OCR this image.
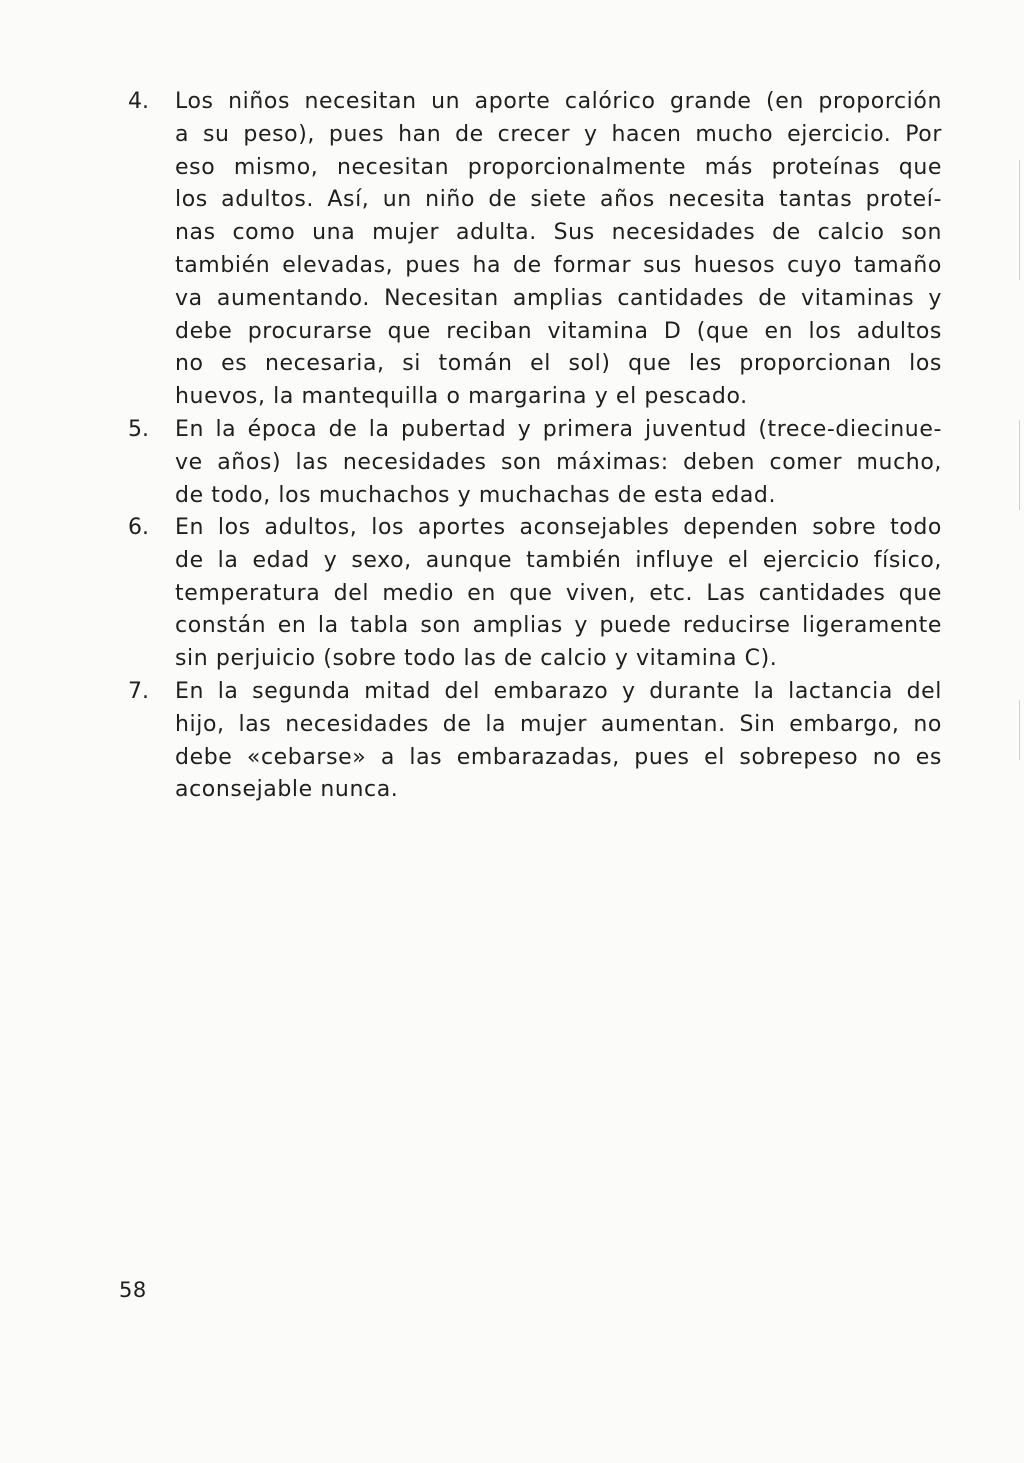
4. Los niños necesitan un aporte calórico grande (en proporción
a su peso), pues han de crecer y hacen mucho ejercicio. Por
eso mismo, necesitan proporcionalmente más proteínas que
los adultos. Así, un niño de siete años necesita tantas proteí-
nas como una mujer adulta. Sus necesidades de calcio son
también elevadas, pues ha de formar sus huesos cuyo tamaño
va aumentando. Necesitan amplias cantidades de vitaminas y
debe procurarse que reciban vitamina D (que en los adultos
no es necesaria, si tomán el sol) que les proporcionan los
huevos, la mantequilla o margarina y el pescado.
5. En la época de la pubertad y primera juventud (trece-diecinue-
ve años) las necesidades son máximas: deben comer mucho,
de todo, los muchachos y muchachas de esta edad.
6. En los adultos, los aportes aconsejables dependen sobre todo
de la edad y sexo, aunque también influye el ejercicio físico,
temperatura del medio en que viven, etc. Las cantidades que
constán en la tabla son amplias y puede reducirse ligeramente
sin perjuicio (sobre todo las de calcio y vitamina C).
7. En la segunda mitad del embarazo y durante la lactancia del
hijo, las necesidades de la mujer aumentan. Sin embargo, no
debe «cebarse» a las embarazadas, pues el sobrepeso no es
aconsejable nunca.
58
